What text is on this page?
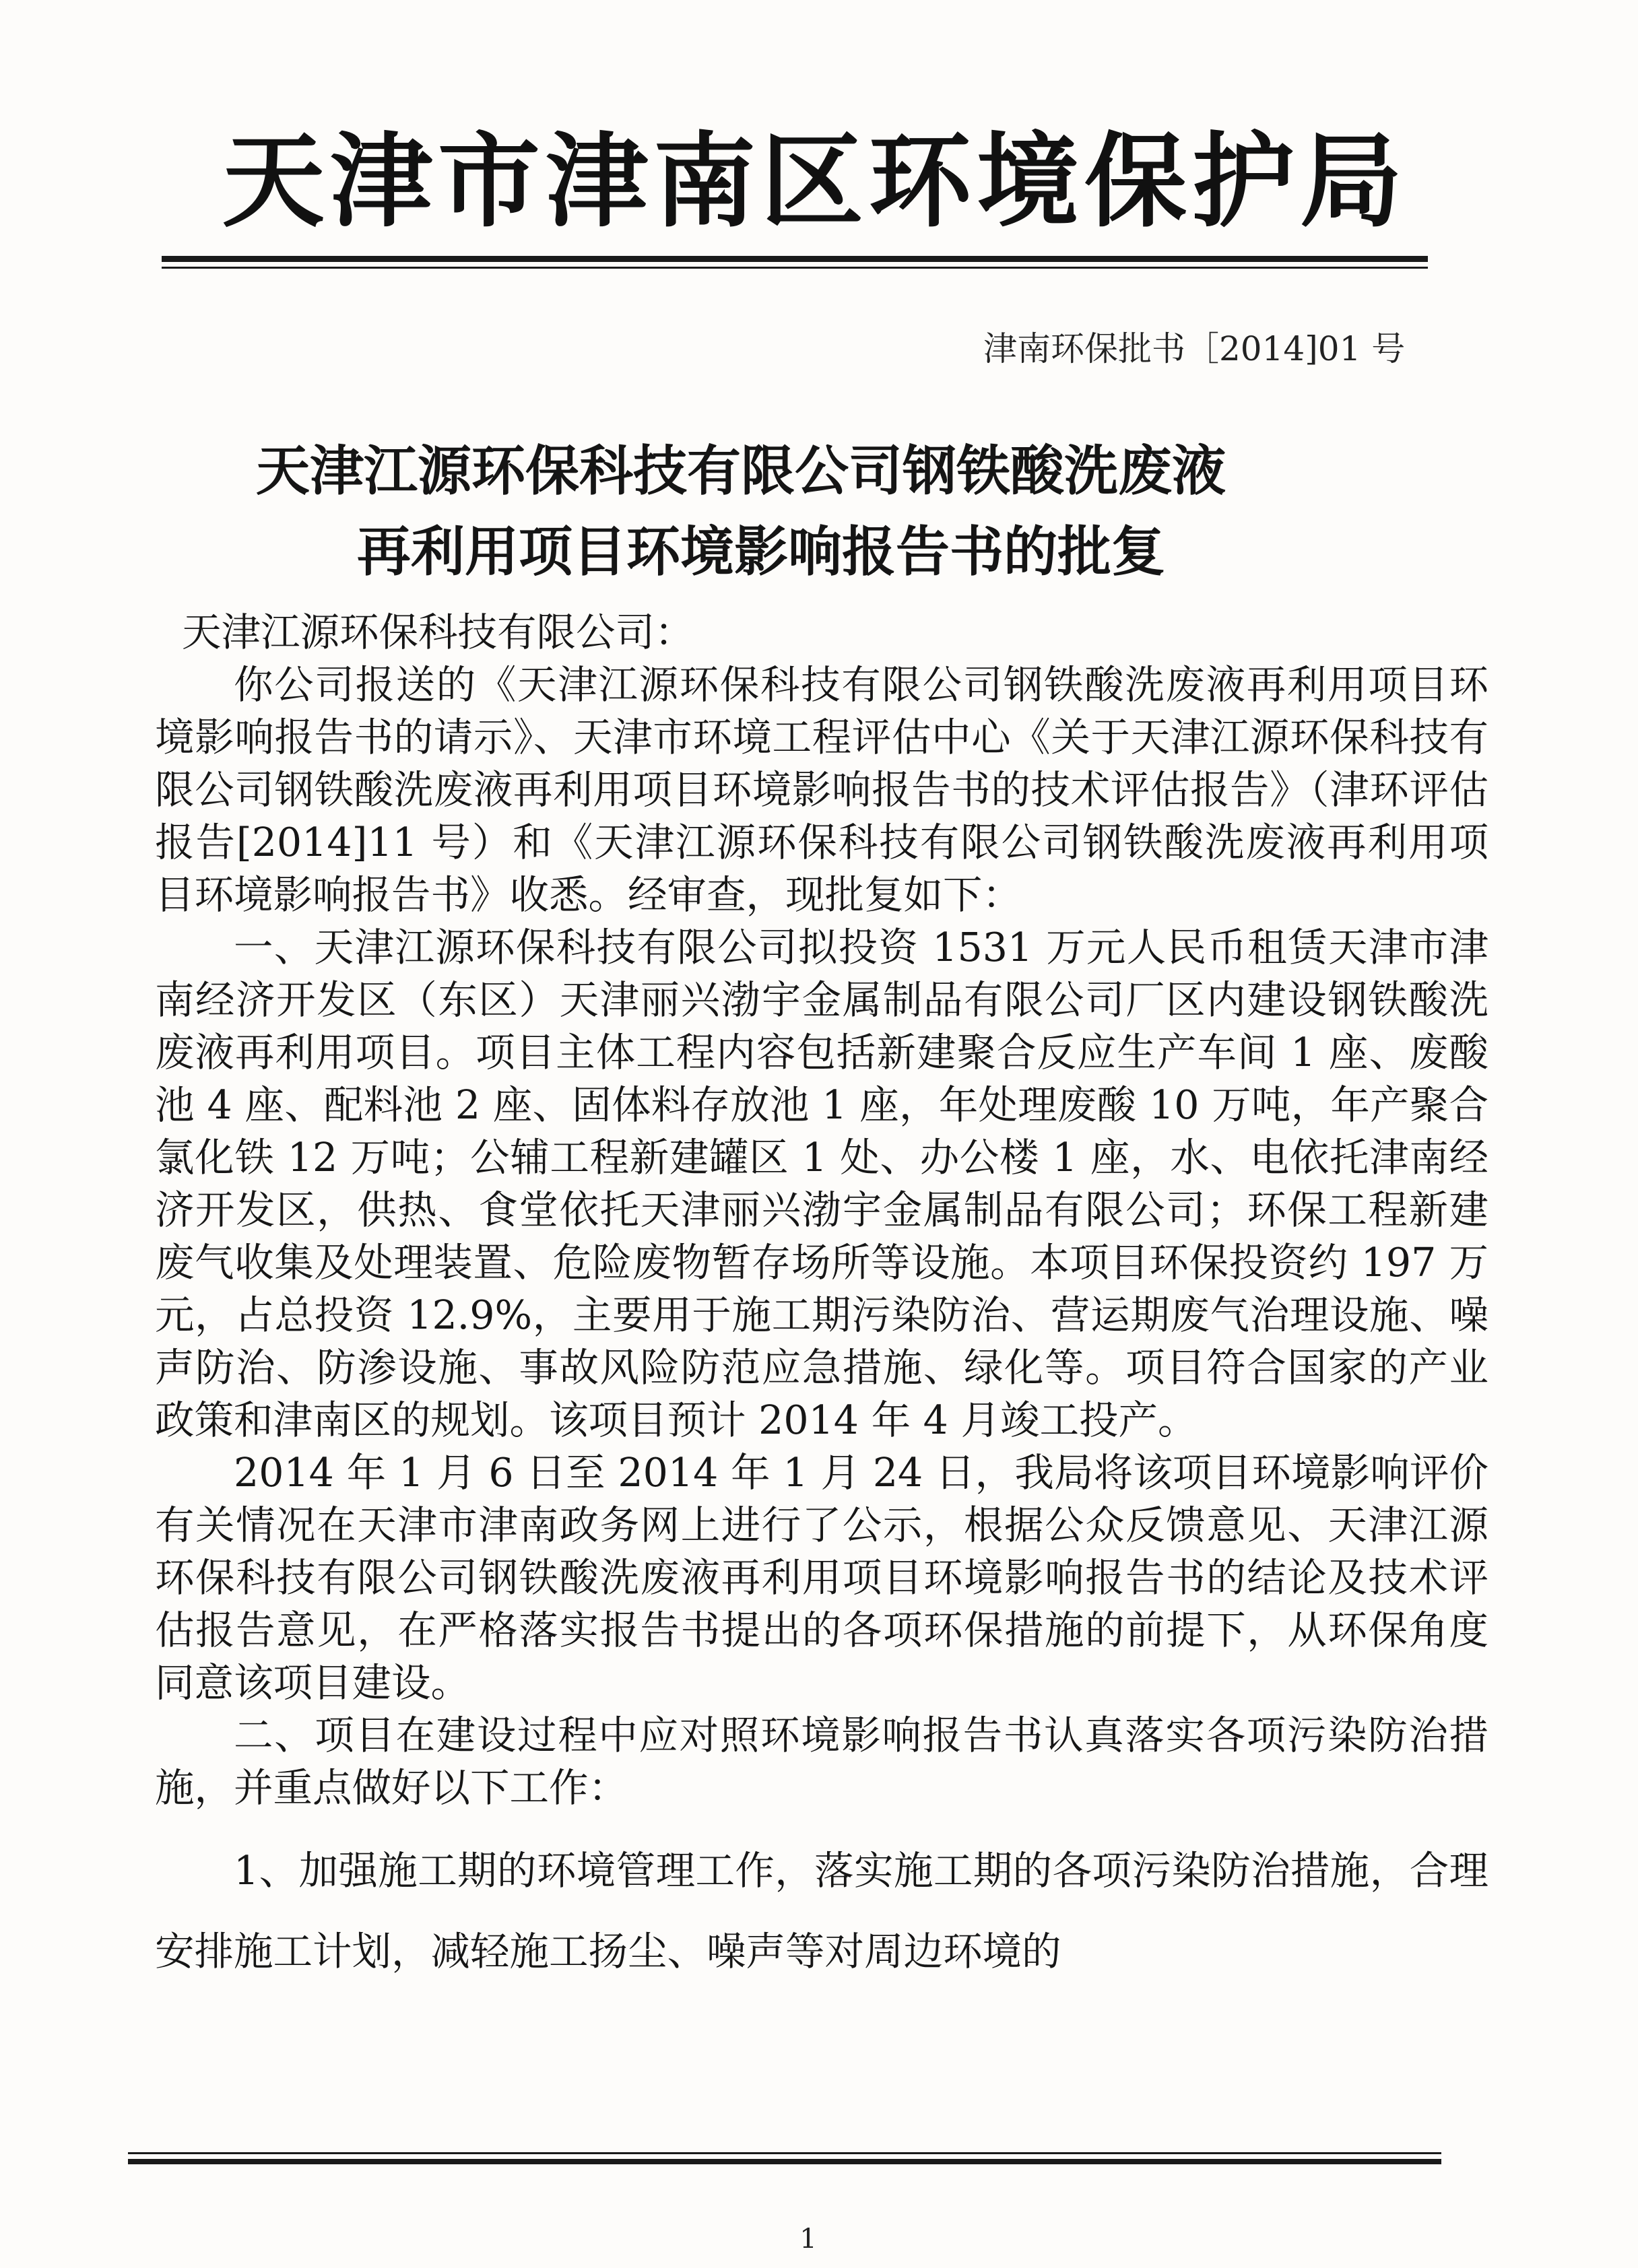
天津市津南区环境保护局
津南环保批书［2014]01 号
天津江源环保科技有限公司钢铁酸洗废液
再利用项目环境影响报告书的批复

天津江源环保科技有限公司：

你公司报送的《天津江源环保科技有限公司钢铁酸洗废液再利用项目环境影响报告书的请示》、天津市环境工程评估中心《关于天津江源环保科技有限公司钢铁酸洗废液再利用项目环境影响报告书的技术评估报告》（津环评估报告[2014]11 号）和《天津江源环保科技有限公司钢铁酸洗废液再利用项目环境影响报告书》收悉。经审查，现批复如下：

一、天津江源环保科技有限公司拟投资 1531 万元人民币租赁天津市津南经济开发区（东区）天津丽兴渤宇金属制品有限公司厂区内建设钢铁酸洗废液再利用项目。项目主体工程内容包括新建聚合反应生产车间 1 座、废酸池 4 座、配料池 2 座、固体料存放池 1 座，年处理废酸 10 万吨，年产聚合氯化铁 12 万吨；公辅工程新建罐区 1 处、办公楼 1 座，水、电依托津南经济开发区，供热、食堂依托天津丽兴渤宇金属制品有限公司；环保工程新建废气收集及处理装置、危险废物暂存场所等设施。本项目环保投资约 197 万元，占总投资 12.9%，主要用于施工期污染防治、营运期废气治理设施、噪声防治、防渗设施、事故风险防范应急措施、绿化等。项目符合国家的产业政策和津南区的规划。该项目预计 2014 年 4 月竣工投产。

2014 年 1 月 6 日至 2014 年 1 月 24 日，我局将该项目环境影响评价有关情况在天津市津南政务网上进行了公示，根据公众反馈意见、天津江源环保科技有限公司钢铁酸洗废液再利用项目环境影响报告书的结论及技术评估报告意见，在严格落实报告书提出的各项环保措施的前提下，从环保角度同意该项目建设。

二、项目在建设过程中应对照环境影响报告书认真落实各项污染防治措施，并重点做好以下工作：

1、加强施工期的环境管理工作，落实施工期的各项污染防治措施，合理安排施工计划，减轻施工扬尘、噪声等对周边环境的

1
